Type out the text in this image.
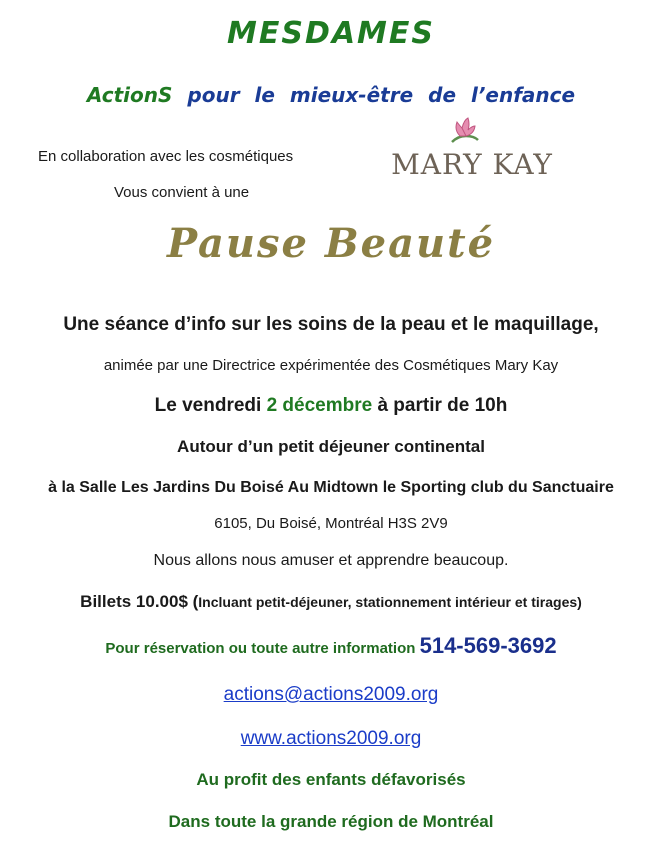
MESDAMES
ActionS pour le mieux-être de l’enfance
En collaboration avec les cosmétiques
Vous convient à une
MARY KAY
Pause Beauté
Une séance d’info sur les soins de la peau et le maquillage,
animée par une Directrice expérimentée des Cosmétiques Mary Kay
Le vendredi 2 décembre à partir de 10h
Autour d’un petit déjeuner continental
à la Salle Les Jardins Du Boisé Au Midtown le Sporting club du Sanctuaire
6105, Du Boisé, Montréal H3S 2V9
Nous allons nous amuser et apprendre beaucoup.
Billets 10.00$ (Incluant petit-déjeuner, stationnement intérieur et tirages)
Pour réservation ou toute autre information 514-569-3692
actions@actions2009.org
www.actions2009.org
Au profit des enfants défavorisés
Dans toute la grande région de Montréal
